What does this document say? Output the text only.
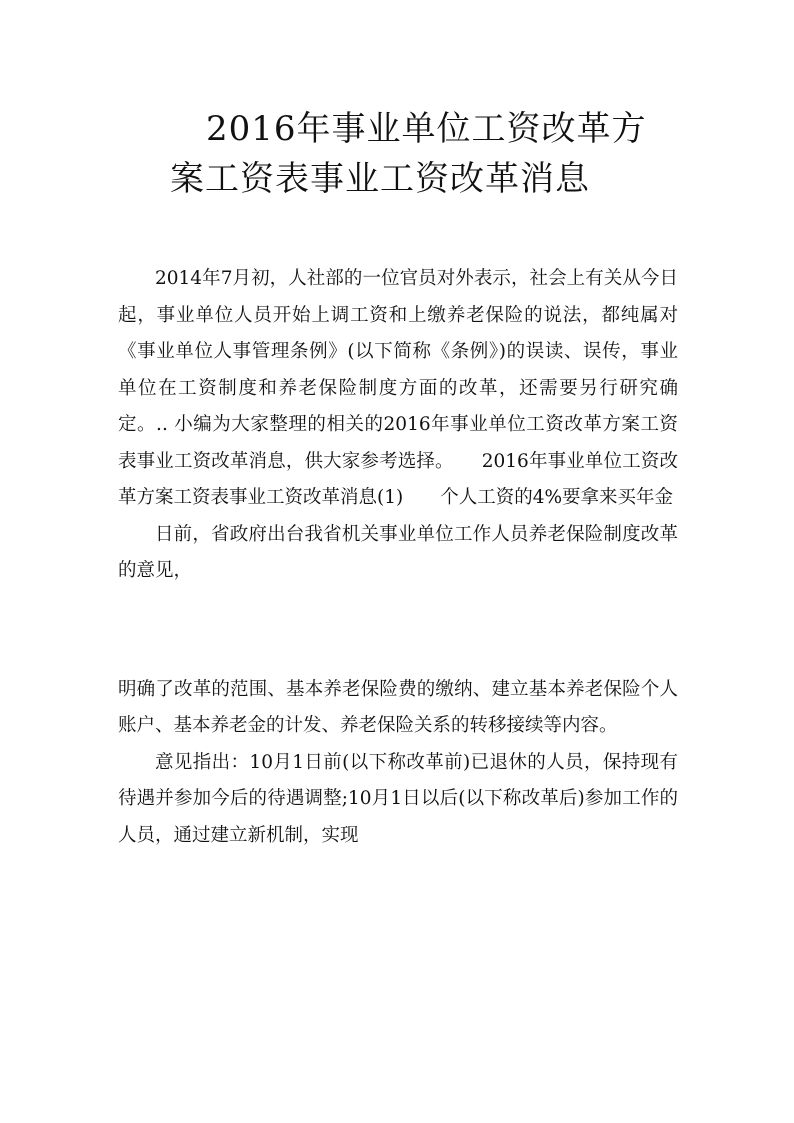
2016年事业单位工资改革方
案工资表事业工资改革消息

2014年7月初，人社部的一位官员对外表示，社会上有关从今日起，事业单位人员开始上调工资和上缴养老保险的说法，都纯属对《事业单位人事管理条例》(以下简称《条例》)的误读、误传，事业单位在工资制度和养老保险制度方面的改革，还需要另行研究确定。.. 小编为大家整理的相关的2016年事业单位工资改革方案工资表事业工资改革消息，供大家参考选择。　　2016年事业单位工资改革方案工资表事业工资改革消息(1)　　个人工资的4%要拿来买年金

日前，省政府出台我省机关事业单位工作人员养老保险制度改革的意见，

明确了改革的范围、基本养老保险费的缴纳、建立基本养老保险个人账户、基本养老金的计发、养老保险关系的转移接续等内容。

意见指出：10月1日前(以下称改革前)已退休的人员，保持现有待遇并参加今后的待遇调整;10月1日以后(以下称改革后)参加工作的人员，通过建立新机制，实现
